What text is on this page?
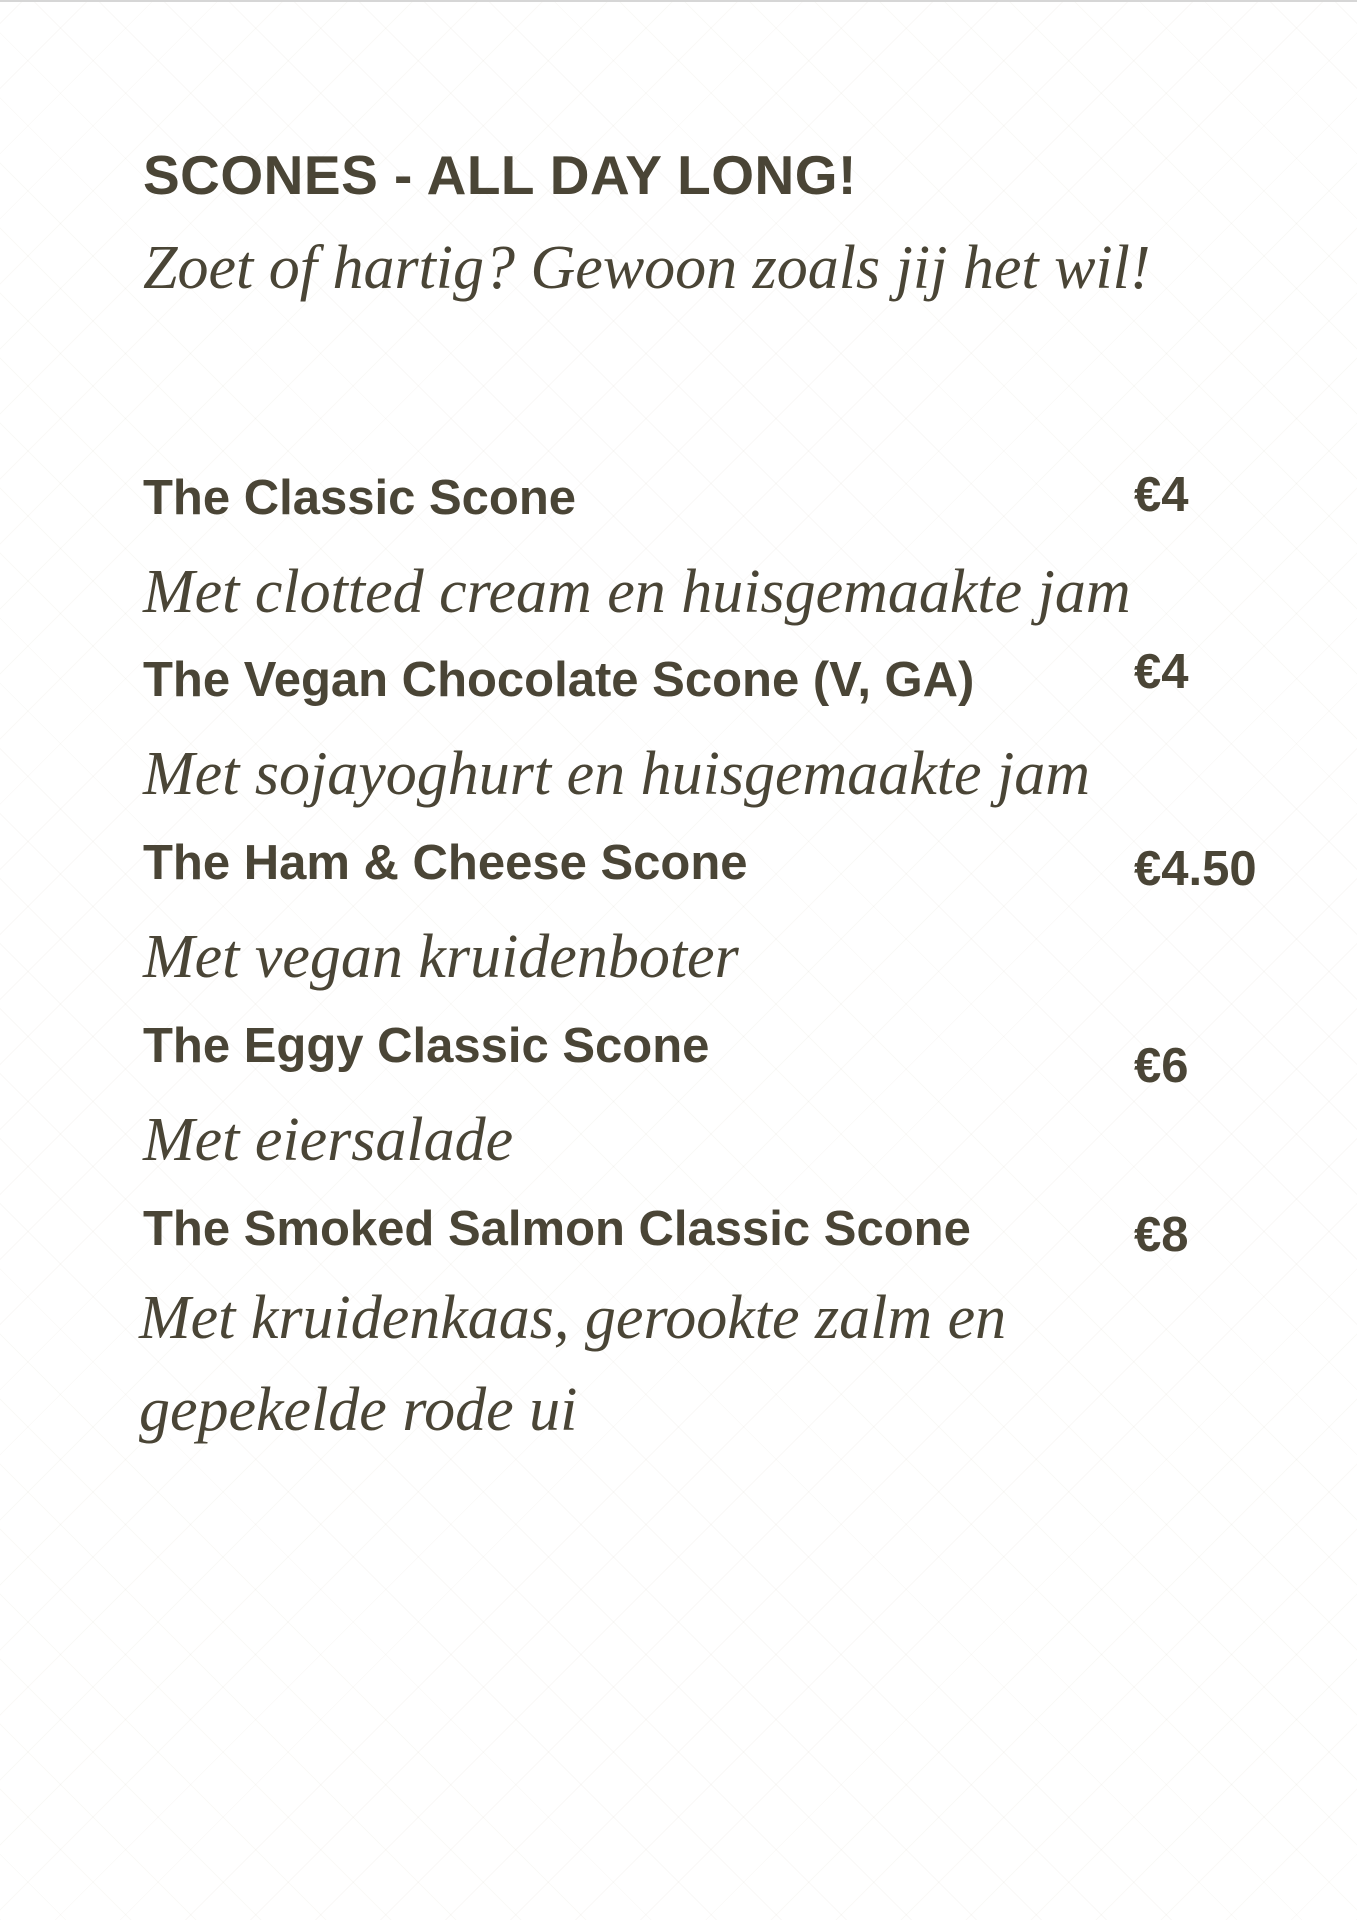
SCONES - ALL DAY LONG!

Zoet of hartig? Gewoon zoals jij het wil!

The Classic Scone	€4
Met clotted cream en huisgemaakte jam
The Vegan Chocolate Scone (V, GA)	€4
Met sojayoghurt en huisgemaakte jam
The Ham & Cheese Scone	€4.50
Met vegan kruidenboter
The Eggy Classic Scone	€6
Met eiersalade
The Smoked Salmon Classic Scone	€8
Met kruidenkaas, gerookte zalm en gepekelde rode ui
